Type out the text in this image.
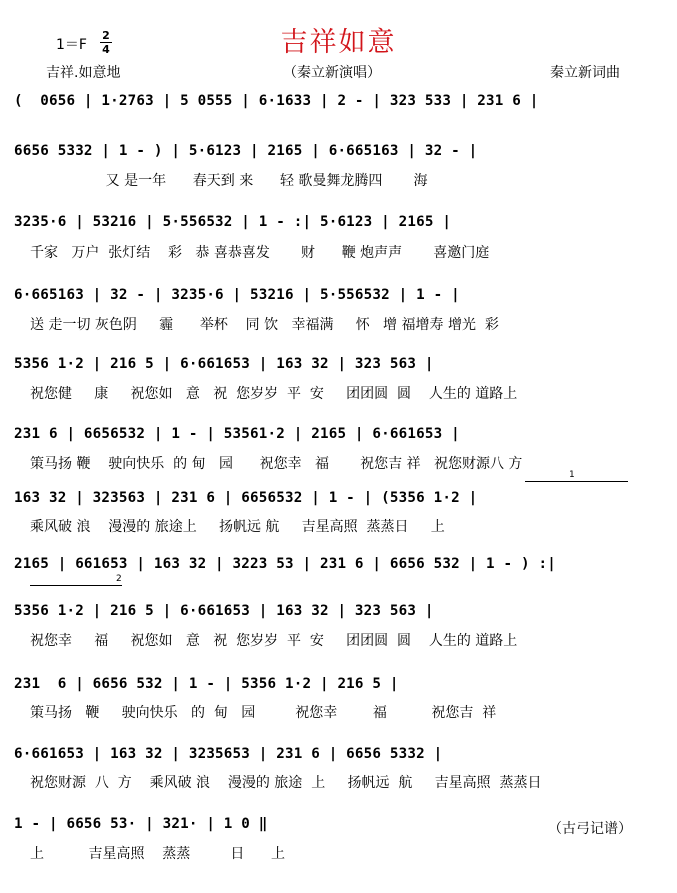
吉祥如意
1＝F
2
4
吉祥.如意地	（秦立新演唱）	秦立新词曲
(  0656 | 1·2763 | 5 0555 | 6·1633 | 2 - | 323 533 | 231 6 |
6656 5332 | 1 - ) | 5·6123 | 2165 | 6·665163 | 32 - |
又 是一年      春天到 来      轻 歌曼舞龙腾四       海
3235·6 | 53216 | 5·556532 | 1 - :| 5·6123 | 2165 |
千家   万户  张灯结    彩   恭 喜恭喜发       财      鞭 炮声声       喜邀门庭
6·665163 | 32 - | 3235·6 | 53216 | 5·556532 | 1 - |
送 走一切 灰色阴     霾      举杯    同 饮   幸福满     怀   增 福增寿 增光  彩
5356 1·2 | 216 5 | 6·661653 | 163 32 | 323 563 |
祝您健     康     祝您如   意   祝  您岁岁  平  安     团团圆  圆    人生的 道路上
231 6 | 6656532 | 1 - | 53561·2 | 2165 | 6·661653 |
策马扬 鞭    驶向快乐  的 甸   园      祝您幸   福       祝您吉 祥   祝您财源八 方
1
163 32 | 323563 | 231 6 | 6656532 | 1 - | (5356 1·2 |
乘风破 浪    漫漫的 旅途上     扬帆远 航     吉星高照  蒸蒸日     上
2165 | 661653 | 163 32 | 3223 53 | 231 6 | 6656 532 | 1 - ) :|
2
5356 1·2 | 216 5 | 6·661653 | 163 32 | 323 563 |
祝您幸     福     祝您如   意   祝  您岁岁  平  安     团团圆  圆    人生的 道路上
231  6 | 6656 532 | 1 - | 5356 1·2 | 216 5 |
策马扬   鞭     驶向快乐   的  甸   园         祝您幸        福          祝您吉  祥
6·661653 | 163 32 | 3235653 | 231 6 | 6656 5332 |
祝您财源  八  方    乘风破 浪    漫漫的 旅途  上     扬帆远  航     吉星高照  蒸蒸日
1 - | 6656 53· | 321· | 1 0 ‖
上          吉星高照    蒸蒸         日      上
（古弓记谱）
